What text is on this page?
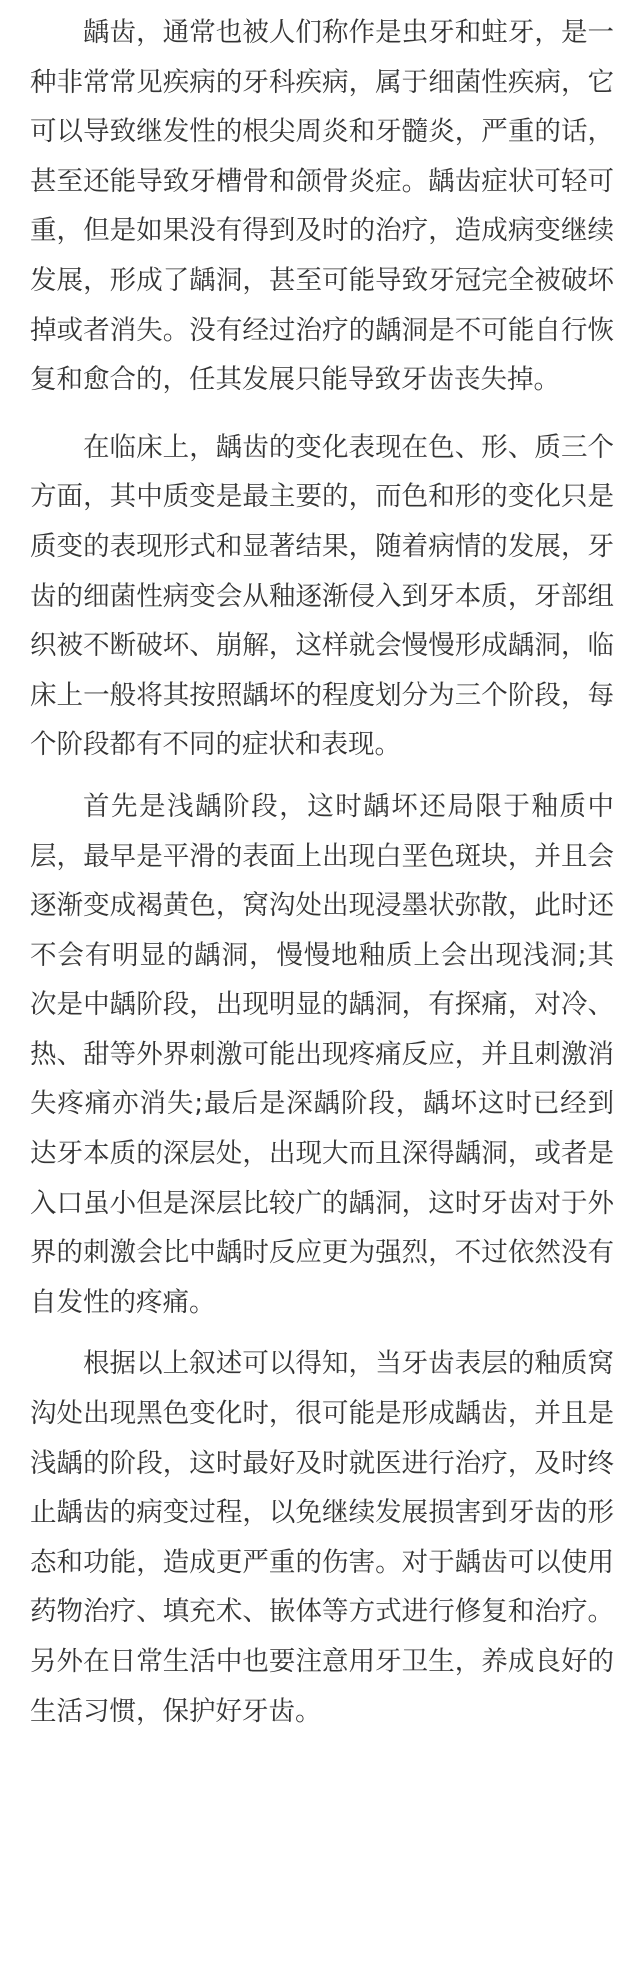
龋齿，通常也被人们称作是虫牙和蛀牙，是一种非常常见疾病的牙科疾病，属于细菌性疾病，它可以导致继发性的根尖周炎和牙髓炎，严重的话，甚至还能导致牙槽骨和颌骨炎症。龋齿症状可轻可重，但是如果没有得到及时的治疗，造成病变继续发展，形成了龋洞，甚至可能导致牙冠完全被破坏掉或者消失。没有经过治疗的龋洞是不可能自行恢复和愈合的，任其发展只能导致牙齿丧失掉。

在临床上，龋齿的变化表现在色、形、质三个方面，其中质变是最主要的，而色和形的变化只是质变的表现形式和显著结果，随着病情的发展，牙齿的细菌性病变会从釉逐渐侵入到牙本质，牙部组织被不断破坏、崩解，这样就会慢慢形成龋洞，临床上一般将其按照龋坏的程度划分为三个阶段，每个阶段都有不同的症状和表现。

首先是浅龋阶段，这时龋坏还局限于釉质中层，最早是平滑的表面上出现白垩色斑块，并且会逐渐变成褐黄色，窝沟处出现浸墨状弥散，此时还不会有明显的龋洞，慢慢地釉质上会出现浅洞;其次是中龋阶段，出现明显的龋洞，有探痛，对冷、热、甜等外界刺激可能出现疼痛反应，并且刺激消失疼痛亦消失;最后是深龋阶段，龋坏这时已经到达牙本质的深层处，出现大而且深得龋洞，或者是入口虽小但是深层比较广的龋洞，这时牙齿对于外界的刺激会比中龋时反应更为强烈，不过依然没有自发性的疼痛。

根据以上叙述可以得知，当牙齿表层的釉质窝沟处出现黑色变化时，很可能是形成龋齿，并且是浅龋的阶段，这时最好及时就医进行治疗，及时终止龋齿的病变过程，以免继续发展损害到牙齿的形态和功能，造成更严重的伤害。对于龋齿可以使用药物治疗、填充术、嵌体等方式进行修复和治疗。另外在日常生活中也要注意用牙卫生，养成良好的生活习惯，保护好牙齿。
